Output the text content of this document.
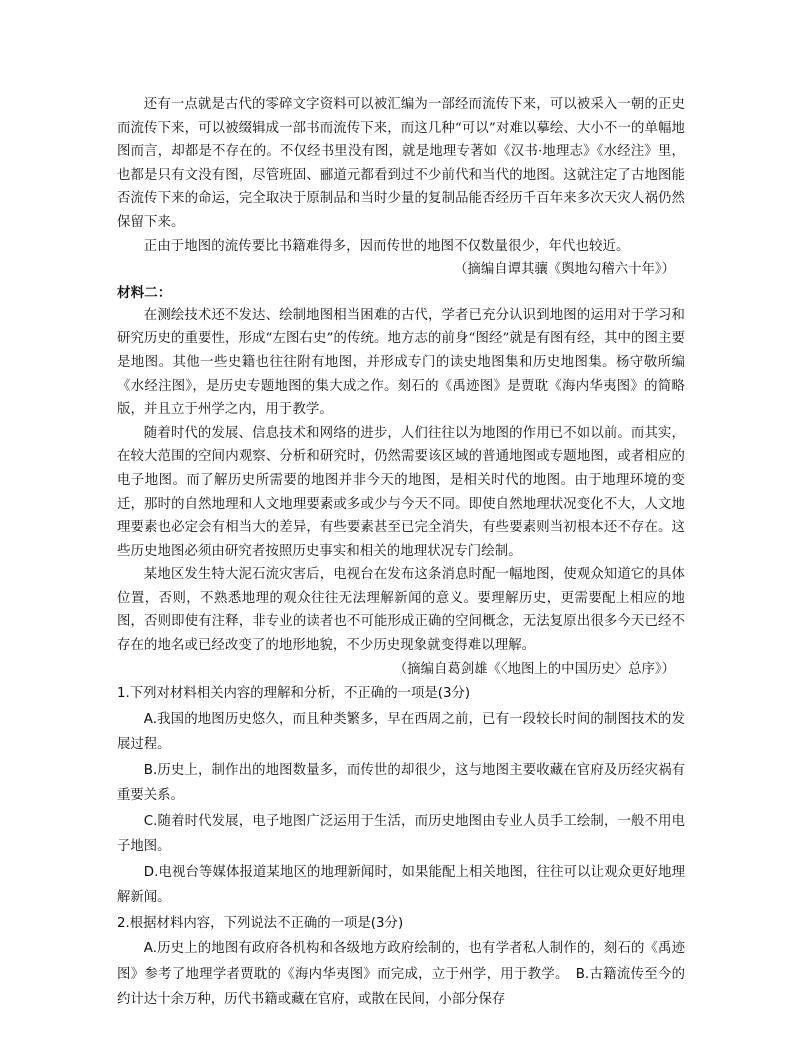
还有一点就是古代的零碎文字资料可以被汇编为一部经而流传下来，可以被采入一朝的正史而流传下来，可以被缀辑成一部书而流传下来，而这几种“可以”对难以摹绘、大小不一的单幅地图而言，却都是不存在的。不仅经书里没有图，就是地理专著如《汉书·地理志》《水经注》里，也都是只有文没有图，尽管班固、郦道元都看到过不少前代和当代的地图。这就注定了古地图能否流传下来的命运，完全取决于原制品和当时少量的复制品能否经历千百年来多次天灾人祸仍然保留下来。

正由于地图的流传要比书籍难得多，因而传世的地图不仅数量很少，年代也较近。

（摘编自谭其骧《舆地勾稽六十年》）

材料二：

在测绘技术还不发达、绘制地图相当困难的古代，学者已充分认识到地图的运用对于学习和研究历史的重要性，形成“左图右史”的传统。地方志的前身“图经”就是有图有经，其中的图主要是地图。其他一些史籍也往往附有地图，并形成专门的读史地图集和历史地图集。杨守敬所编《水经注图》，是历史专题地图的集大成之作。刻石的《禹迹图》是贾耽《海内华夷图》的简略版，并且立于州学之内，用于教学。

随着时代的发展、信息技术和网络的进步，人们往往以为地图的作用已不如以前。而其实，在较大范围的空间内观察、分析和研究时，仍然需要该区域的普通地图或专题地图，或者相应的电子地图。而了解历史所需要的地图并非今天的地图，是相关时代的地图。由于地理环境的变迁，那时的自然地理和人文地理要素或多或少与今天不同。即使自然地理状况变化不大，人文地理要素也必定会有相当大的差异，有些要素甚至已完全消失，有些要素则当初根本还不存在。这些历史地图必须由研究者按照历史事实和相关的地理状况专门绘制。

某地区发生特大泥石流灾害后，电视台在发布这条消息时配一幅地图，使观众知道它的具体位置，否则，不熟悉地理的观众往往无法理解新闻的意义。要理解历史，更需要配上相应的地图，否则即使有注释，非专业的读者也不可能形成正确的空间概念，无法复原出很多今天已经不存在的地名或已经改变了的地形地貌，不少历史现象就变得难以理解。

（摘编自葛剑雄《〈地图上的中国历史〉总序》）

1.下列对材料相关内容的理解和分析，不正确的一项是(3分)

A.我国的地图历史悠久，而且种类繁多，早在西周之前，已有一段较长时间的制图技术的发展过程。

B.历史上，制作出的地图数量多，而传世的却很少，这与地图主要收藏在官府及历经灾祸有重要关系。

C.随着时代发展，电子地图广泛运用于生活，而历史地图由专业人员手工绘制，一般不用电子地图。

D.电视台等媒体报道某地区的地理新闻时，如果能配上相关地图，往往可以让观众更好地理解新闻。

2.根据材料内容，下列说法不正确的一项是(3分)

A.历史上的地图有政府各机构和各级地方政府绘制的，也有学者私人制作的，刻石的《禹迹图》参考了地理学者贾耽的《海内华夷图》而完成，立于州学，用于教学。　B.古籍流传至今的约计达十余万种，历代书籍或藏在官府，或散在民间，小部分保存
